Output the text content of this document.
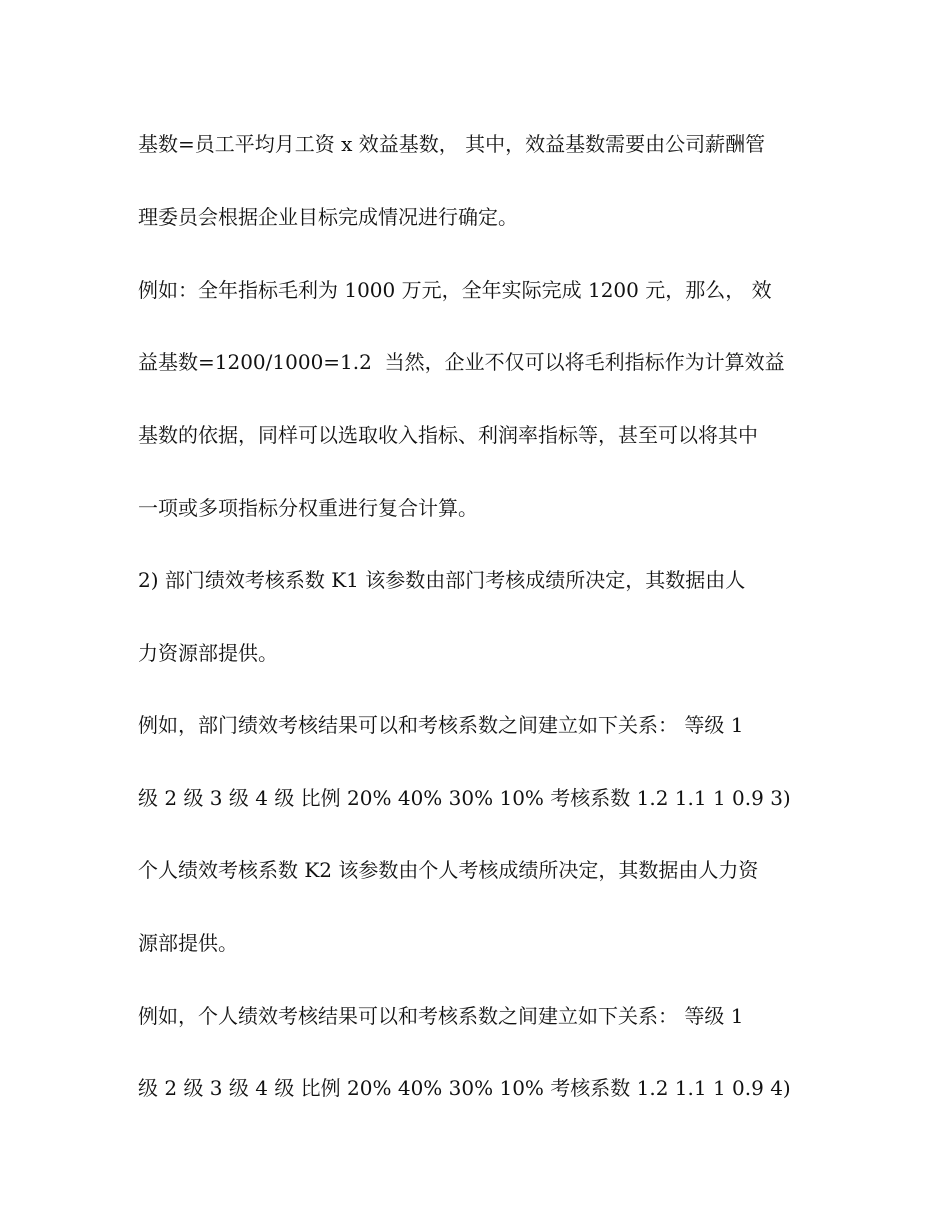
基数=员工平均月工资 x 效益基数， 其中，效益基数需要由公司薪酬管
理委员会根据企业目标完成情况进行确定。
例如：全年指标毛利为 1000 万元，全年实际完成 1200 元，那么， 效
益基数=1200/1000=1.2  当然，企业不仅可以将毛利指标作为计算效益
基数的依据，同样可以选取收入指标、利润率指标等，甚至可以将其中
一项或多项指标分权重进行复合计算。
2) 部门绩效考核系数 K1 该参数由部门考核成绩所决定，其数据由人
力资源部提供。
例如，部门绩效考核结果可以和考核系数之间建立如下关系： 等级 1
级 2 级 3 级 4 级 比例 20% 40% 30% 10% 考核系数 1.2 1.1 1 0.9 3)
个人绩效考核系数 K2 该参数由个人考核成绩所决定，其数据由人力资
源部提供。
例如，个人绩效考核结果可以和考核系数之间建立如下关系： 等级 1
级 2 级 3 级 4 级 比例 20% 40% 30% 10% 考核系数 1.2 1.1 1 0.9 4)
